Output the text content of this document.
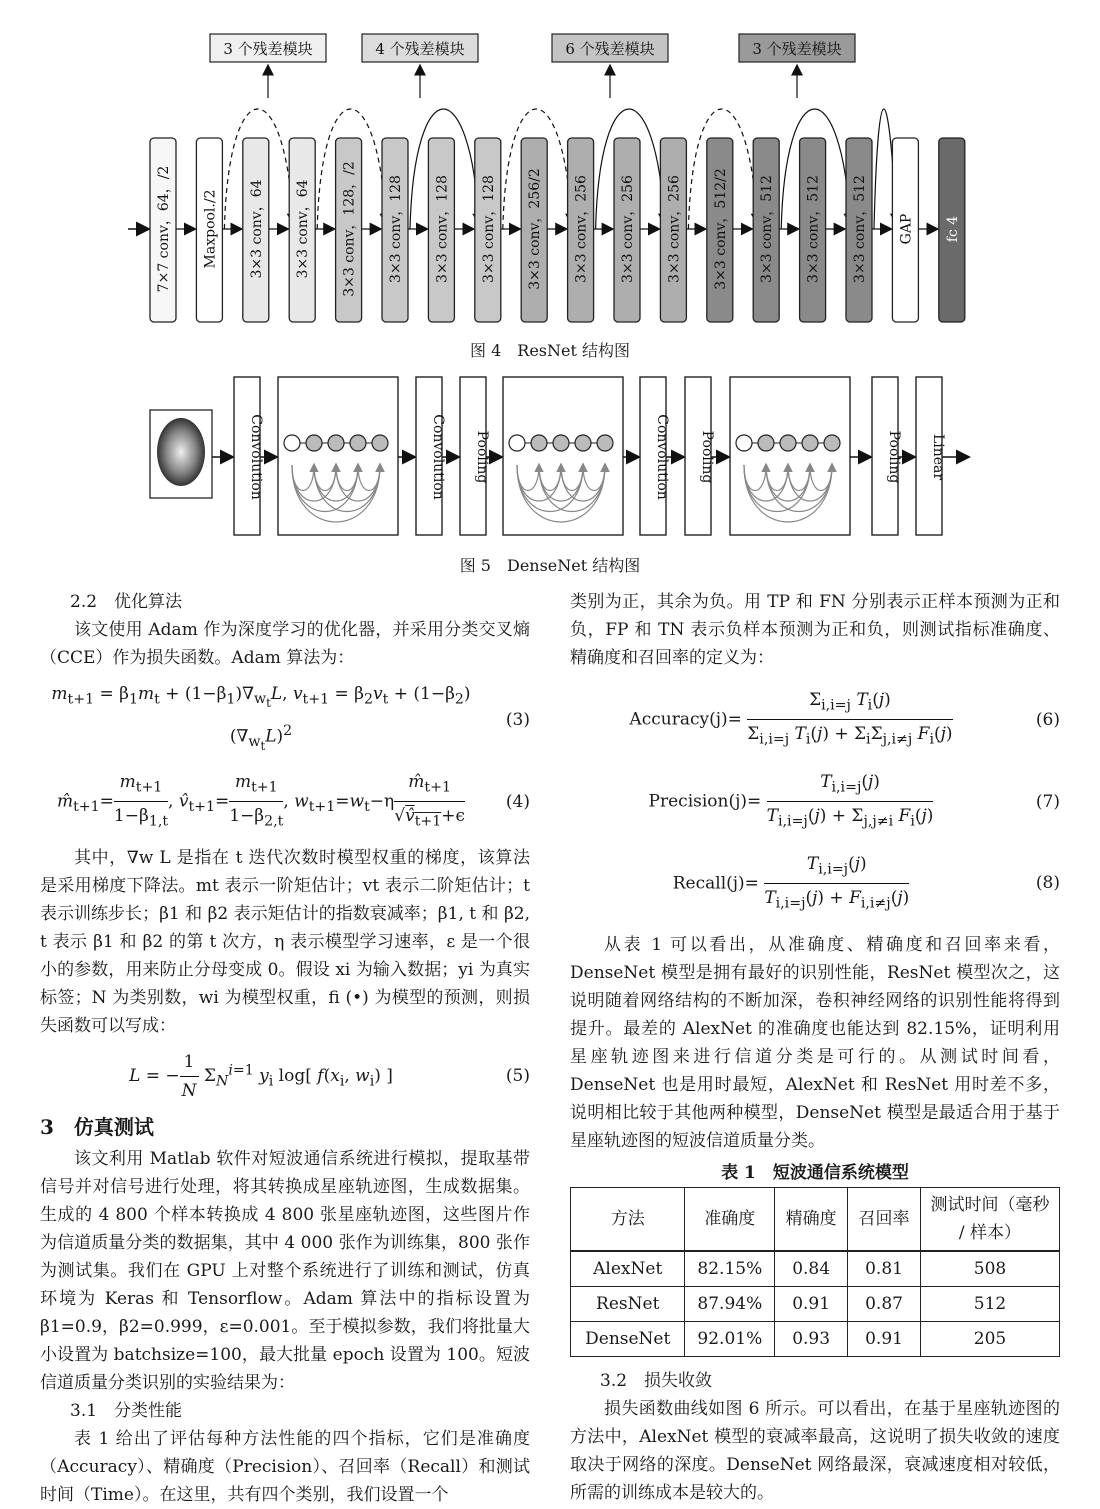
3 个残差模块	4 个残差模块	6 个残差模块	3 个残差模块
7×7 conv，64，/2 Maxpool./2 3×3 conv，64 3×3 conv，64 3×3 conv，128，/2 3×3 conv，128 3×3 conv，128 3×3 conv，128 3×3 conv，256/2 3×3 conv，256 3×3 conv，256 3×3 conv，256 3×3 conv，512/2 3×3 conv，512 3×3 conv，512 3×3 conv，512 GAP fc 4
图 4　ResNet 结构图
Convolution	Convolution Pooling	Convolution Pooling	Pooling Linear
图 5　DenseNet 结构图
2.2　优化算法

该文使用 Adam 作为深度学习的优化器，并采用分类交叉熵（CCE）作为损失函数。Adam 算法为：

$m_{t+1} = \beta_1m_t + (1-\beta_1)\nabla_{w_t}L$, $v_{t+1} = \beta_2v_t + (1-\beta_2)(\nabla_{w_t}L)^2$
(3)
$m̂_{t+1}= \frac{m_{t+1}}{1-\beta_{1,t}}$ , $v̂_{t+1}= \frac{m_{t+1}}{1-\beta_{2,t}}$ , $w_{t+1}=w_t-\eta \frac{m̂_{t+1}}{√v̂_{t+1}+\epsilon}$	(4)

其中，∇w L 是指在 t 迭代次数时模型权重的梯度，该算法是采用梯度下降法。mt 表示一阶矩估计；vt 表示二阶矩估计；t 表示训练步长；β1 和 β2 表示矩估计的指数衰减率；β1, t 和 β2, t 表示 β1 和 β2 的第 t 次方，η 表示模型学习速率，ε 是一个很小的参数，用来防止分母变成 0。假设 xi 为输入数据；yi 为真实标签；N 为类别数，wi 为模型权重，fi (•) 为模型的预测，则损失函数可以写成：

L = − $\frac{1}{N} \Sigma_N^{i=1}$ $y_i$ log[ $f(x_i$, $w_i$) ]	(5)
3　仿真测试

该文利用 Matlab 软件对短波通信系统进行模拟，提取基带信号并对信号进行处理，将其转换成星座轨迹图，生成数据集。生成的 4 800 个样本转换成 4 800 张星座轨迹图，这些图片作为信道质量分类的数据集，其中 4 000 张作为训练集，800 张作为测试集。我们在 GPU 上对整个系统进行了训练和测试，仿真环境为 Keras 和 Tensorflow。Adam 算法中的指标设置为 β1=0.9，β2=0.999，ε=0.001。至于模拟参数，我们将批量大小设置为 batchsize=100，最大批量 epoch 设置为 100。短波信道质量分类识别的实验结果为：

3.1　分类性能

表 1 给出了评估每种方法性能的四个指标，它们是准确度（Accuracy）、精确度（Precision）、召回率（Recall）和测试时间（Time）。在这里，共有四个类别，我们设置一个

类别为正，其余为负。用 TP 和 FN 分别表示正样本预测为正和负，FP 和 TN 表示负样本预测为正和负，则测试指标准确度、精确度和召回率的定义为：

Accuracy(j)= $\frac{\Sigma_{i,i=j} T_i(j)}{\Sigma_{i,i=j} T_i(j) + \Sigma_i\Sigma_{j,i\ne j} F_i(j)}$	(6)
Precision(j)= $\frac{T_{i,i=j}(j)}{T_{i,i=j}(j) + \Sigma_{j,j\ne i} F_i(j)}$	(7)
Recall(j)= $\frac{T_{i,i=j}(j)}{T_{i,i=j}(j) + F_{i,i\ne j}(j)}$	(8)

从表 1 可以看出，从准确度、精确度和召回率来看，DenseNet 模型是拥有最好的识别性能，ResNet 模型次之，这说明随着网络结构的不断加深，卷积神经网络的识别性能将得到提升。最差的 AlexNet 的准确度也能达到 82.15%，证明利用星座轨迹图来进行信道分类是可行的。从测试时间看，DenseNet 也是用时最短，AlexNet 和 ResNet 用时差不多，说明相比较于其他两种模型，DenseNet 模型是最适合用于基于星座轨迹图的短波信道质量分类。

表 1　短波通信系统模型
方法	准确度	精确度	召回率	测试时间（毫秒 / 样本）
AlexNet	82.15%	0.84	0.81	508
ResNet	87.94%	0.91	0.87	512
DenseNet	92.01%	0.93	0.91	205
3.2　损失收敛

损失函数曲线如图 6 所示。可以看出，在基于星座轨迹图的方法中，AlexNet 模型的衰减率最高，这说明了损失收敛的速度取决于网络的深度。DenseNet 网络最深，衰减速度相对较低，所需的训练成本是较大的。
